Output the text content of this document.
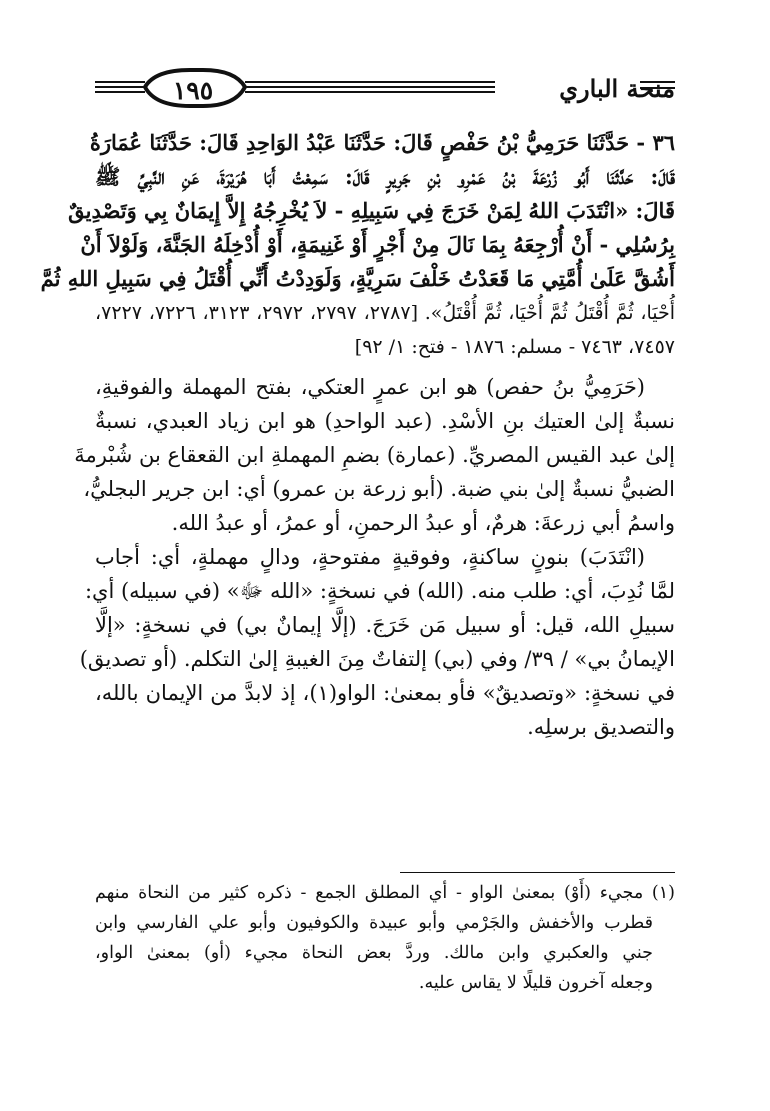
١٩٥	منحة الباري
٣٦ - حَدَّثَنَا حَرَمِيُّ بْنُ حَفْصٍ قَالَ: حَدَّثَنَا عَبْدُ الوَاحِدِ قَالَ: حَدَّثَنَا عُمَارَةُ
قَالَ: حَدَّثَنَا أَبُو زُرْعَةَ بْنُ عَمْرِو بْنِ جَرِيرٍ قَالَ: سَمِعْتُ أَبَا هُرَيْرَةَ، عَنِ النَّبِيِّ ﷺ
قَالَ: «انْتَدَبَ اللهُ لِمَنْ خَرَجَ فِي سَبِيلِهِ - لاَ يُخْرِجُهُ إِلاَّ إِيمَانٌ بِي وَتَصْدِيقٌ
بِرُسُلِي - أَنْ أُرْجِعَهُ بِمَا نَالَ مِنْ أَجْرٍ أَوْ غَنِيمَةٍ، أَوْ أُدْخِلَهُ الجَنَّةَ، وَلَوْلاَ أَنْ
أَشُقَّ عَلَىٰ أُمَّتِي مَا قَعَدْتُ خَلْفَ سَرِيَّةٍ، وَلَوَدِدْتُ أَنِّي أُقْتَلُ فِي سَبِيلِ اللهِ ثُمَّ
أُحْيَا، ثُمَّ أُقْتَلُ ثُمَّ أُحْيَا، ثُمَّ أُقْتَلُ». [٢٧٨٧، ٢٧٩٧، ٢٩٧٢، ٣١٢٣، ٧٢٢٦، ٧٢٢٧،
٧٤٥٧، ٧٤٦٣ - مسلم: ١٨٧٦ - فتح: ١/ ٩٢]
(حَرَمِيُّ بنُ حفص) هو ابن عمرٍ العتكي، بفتح المهملة والفوقيةِ،
نسبةٌ إلىٰ العتيك بنِ الأسْدِ. (عبد الواحدِ) هو ابن زياد العبدي، نسبةٌ
إلىٰ عبد القيس المصريِّ. (عمارة) بضمِ المهملةِ ابن القعقاع بن شُبْرمةَ
الضبيُّ نسبةٌ إلىٰ بني ضبة. (أبو زرعة بن عمرو) أي: ابن جرير البجليُّ،
واسمُ أبي زرعةَ: هرمٌ، أو عبدُ الرحمنِ، أو عمرُ، أو عبدُ الله.
(انْتَدَبَ) بنونٍ ساكنةٍ، وفوقيةٍ مفتوحةٍ، ودالٍ مهملةٍ، أي: أجاب
لمَّا نُدِبَ، أي: طلب منه. (الله) في نسخةٍ: «الله ﷻ» (في سبيله) أي:
سبيلِ الله، قيل: أو سبيل مَن خَرَجَ. (إلَّا إيمانٌ بي) في نسخةٍ: «إلَّا
الإيمانُ بي» / ٣٩/ وفي (بي) إلتفاتٌ مِنَ الغيبةِ إلىٰ التكلم. (أو تصديق)
في نسخةٍ: «وتصديقٌ» فأو بمعنىٰ: الواو(١)، إذ لابدَّ من الإيمان بالله،
والتصديق برسلِه.
(١) مجيء (أَوْ) بمعنىٰ الواو - أي المطلق الجمع - ذكره كثير من النحاة منهم
قطرب والأخفش والجَرْمي وأبو عبيدة والكوفيون وأبو علي الفارسي وابن
جني والعكبري وابن مالك. وردَّ بعض النحاة مجيء (أو) بمعنىٰ الواو،
وجعله آخرون قليلًا لا يقاس عليه.
